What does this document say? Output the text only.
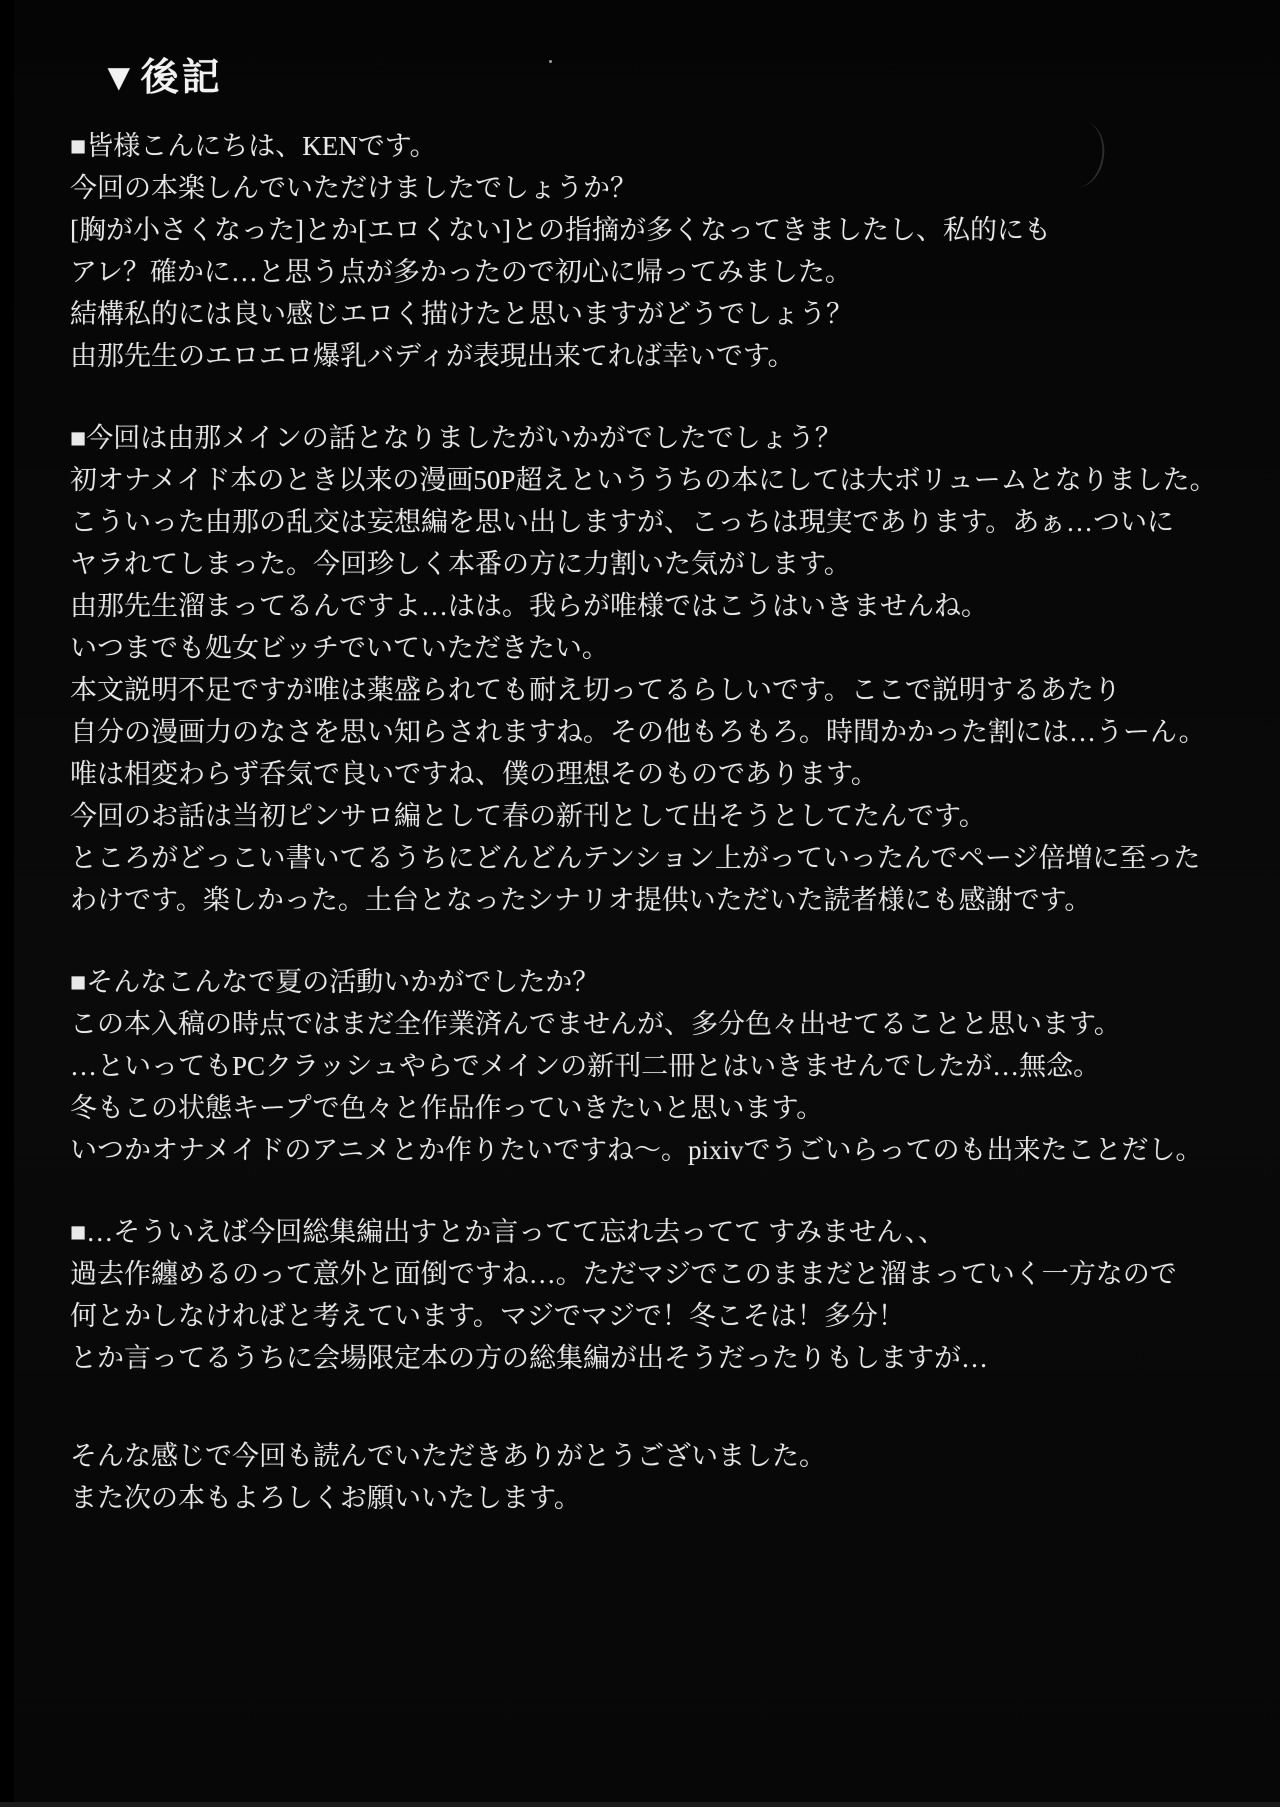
▼後記
■皆様こんにちは、KENです。
今回の本楽しんでいただけましたでしょうか？
[胸が小さくなった]とか[エロくない]との指摘が多くなってきましたし、私的にも
アレ？確かに…と思う点が多かったので初心に帰ってみました。
結構私的には良い感じエロく描けたと思いますがどうでしょう？
由那先生のエロエロ爆乳バディが表現出来てれば幸いです。
■今回は由那メインの話となりましたがいかがでしたでしょう？
初オナメイド本のとき以来の漫画50P超えといううちの本にしては大ボリュームとなりました。
こういった由那の乱交は妄想編を思い出しますが、こっちは現実であります。あぁ…ついに
ヤラれてしまった。今回珍しく本番の方に力割いた気がします。
由那先生溜まってるんですよ…はは。我らが唯様ではこうはいきませんね。
いつまでも処女ビッチでいていただきたい。
本文説明不足ですが唯は薬盛られても耐え切ってるらしいです。ここで説明するあたり
自分の漫画力のなさを思い知らされますね。その他もろもろ。時間かかった割には…うーん。
唯は相変わらず呑気で良いですね、僕の理想そのものであります。
今回のお話は当初ピンサロ編として春の新刊として出そうとしてたんです。
ところがどっこい書いてるうちにどんどんテンション上がっていったんでページ倍増に至った
わけです。楽しかった。土台となったシナリオ提供いただいた読者様にも感謝です。
■そんなこんなで夏の活動いかがでしたか？
この本入稿の時点ではまだ全作業済んでませんが、多分色々出せてることと思います。
…といってもPCクラッシュやらでメインの新刊二冊とはいきませんでしたが…無念。
冬もこの状態キープで色々と作品作っていきたいと思います。
いつかオナメイドのアニメとか作りたいですね～。pixivでうごいらってのも出来たことだし。
■…そういえば今回総集編出すとか言ってて忘れ去ってて すみません、、
過去作纏めるのって意外と面倒ですね…。ただマジでこのままだと溜まっていく一方なので
何とかしなければと考えています。マジでマジで！冬こそは！多分！
とか言ってるうちに会場限定本の方の総集編が出そうだったりもしますが…
そんな感じで今回も読んでいただきありがとうございました。
また次の本もよろしくお願いいたします。
